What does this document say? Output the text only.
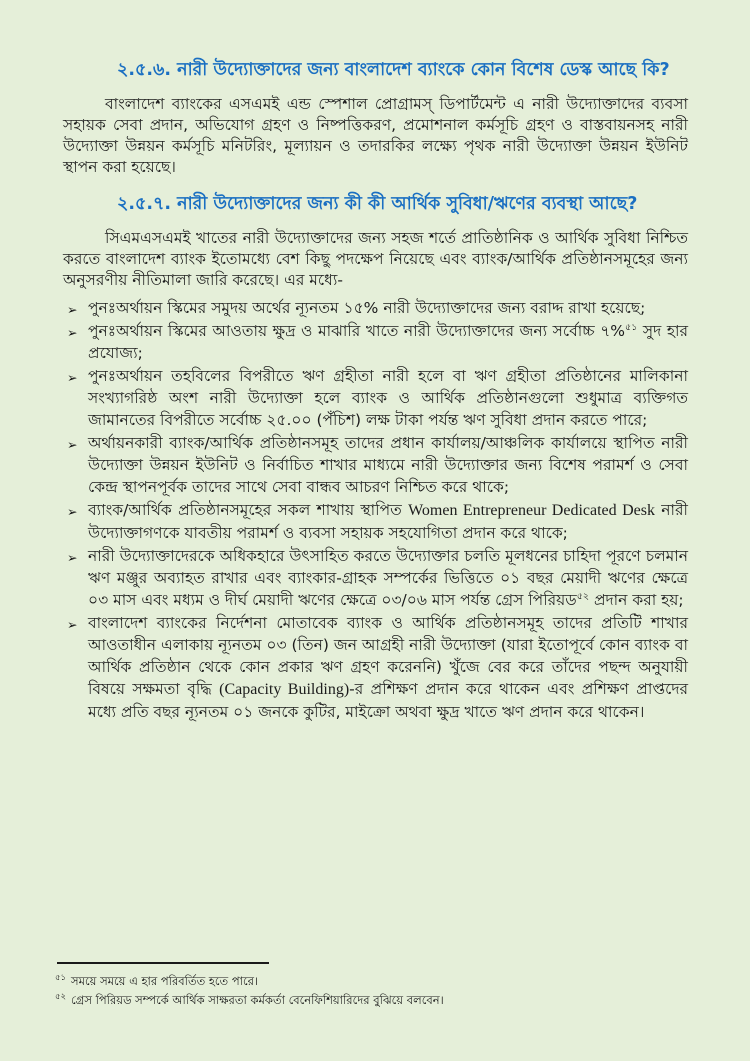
২.৫.৬. নারী উদ্যোক্তাদের জন্য বাংলাদেশ ব্যাংকে কোন বিশেষ ডেস্ক আছে কি?

বাংলাদেশ ব্যাংকের এসএমই এন্ড স্পেশাল প্রোগ্রামস্ ডিপার্টমেন্ট এ নারী উদ্যোক্তাদের ব্যবসা সহায়ক সেবা প্রদান, অভিযোগ গ্রহণ ও নিষ্পত্তিকরণ, প্রমোশনাল কর্মসূচি গ্রহণ ও বাস্তবায়নসহ নারী উদ্যোক্তা উন্নয়ন কর্মসূচি মনিটরিং, মূল্যায়ন ও তদারকির লক্ষ্যে পৃথক নারী উদ্যোক্তা উন্নয়ন ইউনিট স্থাপন করা হয়েছে।

২.৫.৭. নারী উদ্যোক্তাদের জন্য কী কী আর্থিক সুবিধা/ঋণের ব্যবস্থা আছে?

সিএমএসএমই খাতের নারী উদ্যোক্তাদের জন্য সহজ শর্তে প্রাতিষ্ঠানিক ও আর্থিক সুবিধা নিশ্চিত করতে বাংলাদেশ ব্যাংক ইতোমধ্যে বেশ কিছু পদক্ষেপ নিয়েছে এবং ব্যাংক/আর্থিক প্রতিষ্ঠানসমূহের জন্য অনুসরণীয় নীতিমালা জারি করেছে। এর মধ্যে-

➢ পুনঃঅর্থায়ন স্কিমের সমুদয় অর্থের ন্যূনতম ১৫% নারী উদ্যোক্তাদের জন্য বরাদ্দ রাখা হয়েছে;
➢ পুনঃঅর্থায়ন স্কিমের আওতায় ক্ষুদ্র ও মাঝারি খাতে নারী উদ্যোক্তাদের জন্য সর্বোচ্চ ৭%$^{৫১}$ সুদ হার প্রযোজ্য;
➢ পুনঃঅর্থায়ন তহবিলের বিপরীতে ঋণ গ্রহীতা নারী হলে বা ঋণ গ্রহীতা প্রতিষ্ঠানের মালিকানা সংখ্যাগরিষ্ঠ অংশ নারী উদ্যোক্তা হলে ব্যাংক ও আর্থিক প্রতিষ্ঠানগুলো শুধুমাত্র ব্যক্তিগত জামানতের বিপরীতে সর্বোচ্চ ২৫.০০ (পঁচিশ) লক্ষ টাকা পর্যন্ত ঋণ সুবিধা প্রদান করতে পারে;
➢ অর্থায়নকারী ব্যাংক/আর্থিক প্রতিষ্ঠানসমূহ তাদের প্রধান কার্যালয়/আঞ্চলিক কার্যালয়ে স্থাপিত নারী উদ্যোক্তা উন্নয়ন ইউনিট ও নির্বাচিত শাখার মাধ্যমে নারী উদ্যোক্তার জন্য বিশেষ পরামর্শ ও সেবা কেন্দ্র স্থাপনপূর্বক তাদের সাথে সেবা বান্ধব আচরণ নিশ্চিত করে থাকে;
➢ ব্যাংক/আর্থিক প্রতিষ্ঠানসমূহের সকল শাখায় স্থাপিত Women Entrepreneur Dedicated Desk নারী উদ্যোক্তাগণকে যাবতীয় পরামর্শ ও ব্যবসা সহায়ক সহযোগিতা প্রদান করে থাকে;
➢ নারী উদ্যোক্তাদেরকে অধিকহারে উৎসাহিত করতে উদ্যোক্তার চলতি মূলধনের চাহিদা পূরণে চলমান ঋণ মঞ্জুর অব্যাহত রাখার এবং ব্যাংকার-গ্রাহক সম্পর্কের ভিত্তিতে ০১ বছর মেয়াদী ঋণের ক্ষেত্রে ০৩ মাস এবং মধ্যম ও দীর্ঘ মেয়াদী ঋণের ক্ষেত্রে ০৩/০৬ মাস পর্যন্ত গ্রেস পিরিয়ড$^{৫২}$ প্রদান করা হয়;
➢ বাংলাদেশ ব্যাংকের নির্দেশনা মোতাবেক ব্যাংক ও আর্থিক প্রতিষ্ঠানসমূহ তাদের প্রতিটি শাখার আওতাধীন এলাকায় ন্যূনতম ০৩ (তিন) জন আগ্রহী নারী উদ্যোক্তা (যারা ইতোপূর্বে কোন ব্যাংক বা আর্থিক প্রতিষ্ঠান থেকে কোন প্রকার ঋণ গ্রহণ করেননি) খুঁজে বের করে তাঁদের পছন্দ অনুযায়ী বিষয়ে সক্ষমতা বৃদ্ধি (Capacity Building)-র প্রশিক্ষণ প্রদান করে থাকেন এবং প্রশিক্ষণ প্রাপ্তদের মধ্যে প্রতি বছর ন্যূনতম ০১ জনকে কুটির, মাইক্রো অথবা ক্ষুদ্র খাতে ঋণ প্রদান করে থাকেন।

$^{৫১}$ সময়ে সময়ে এ হার পরিবর্তিত হতে পারে।

$^{৫২}$ গ্রেস পিরিয়ড সম্পর্কে আর্থিক সাক্ষরতা কর্মকর্তা বেনেফিশিয়ারিদের বুঝিয়ে বলবেন।
